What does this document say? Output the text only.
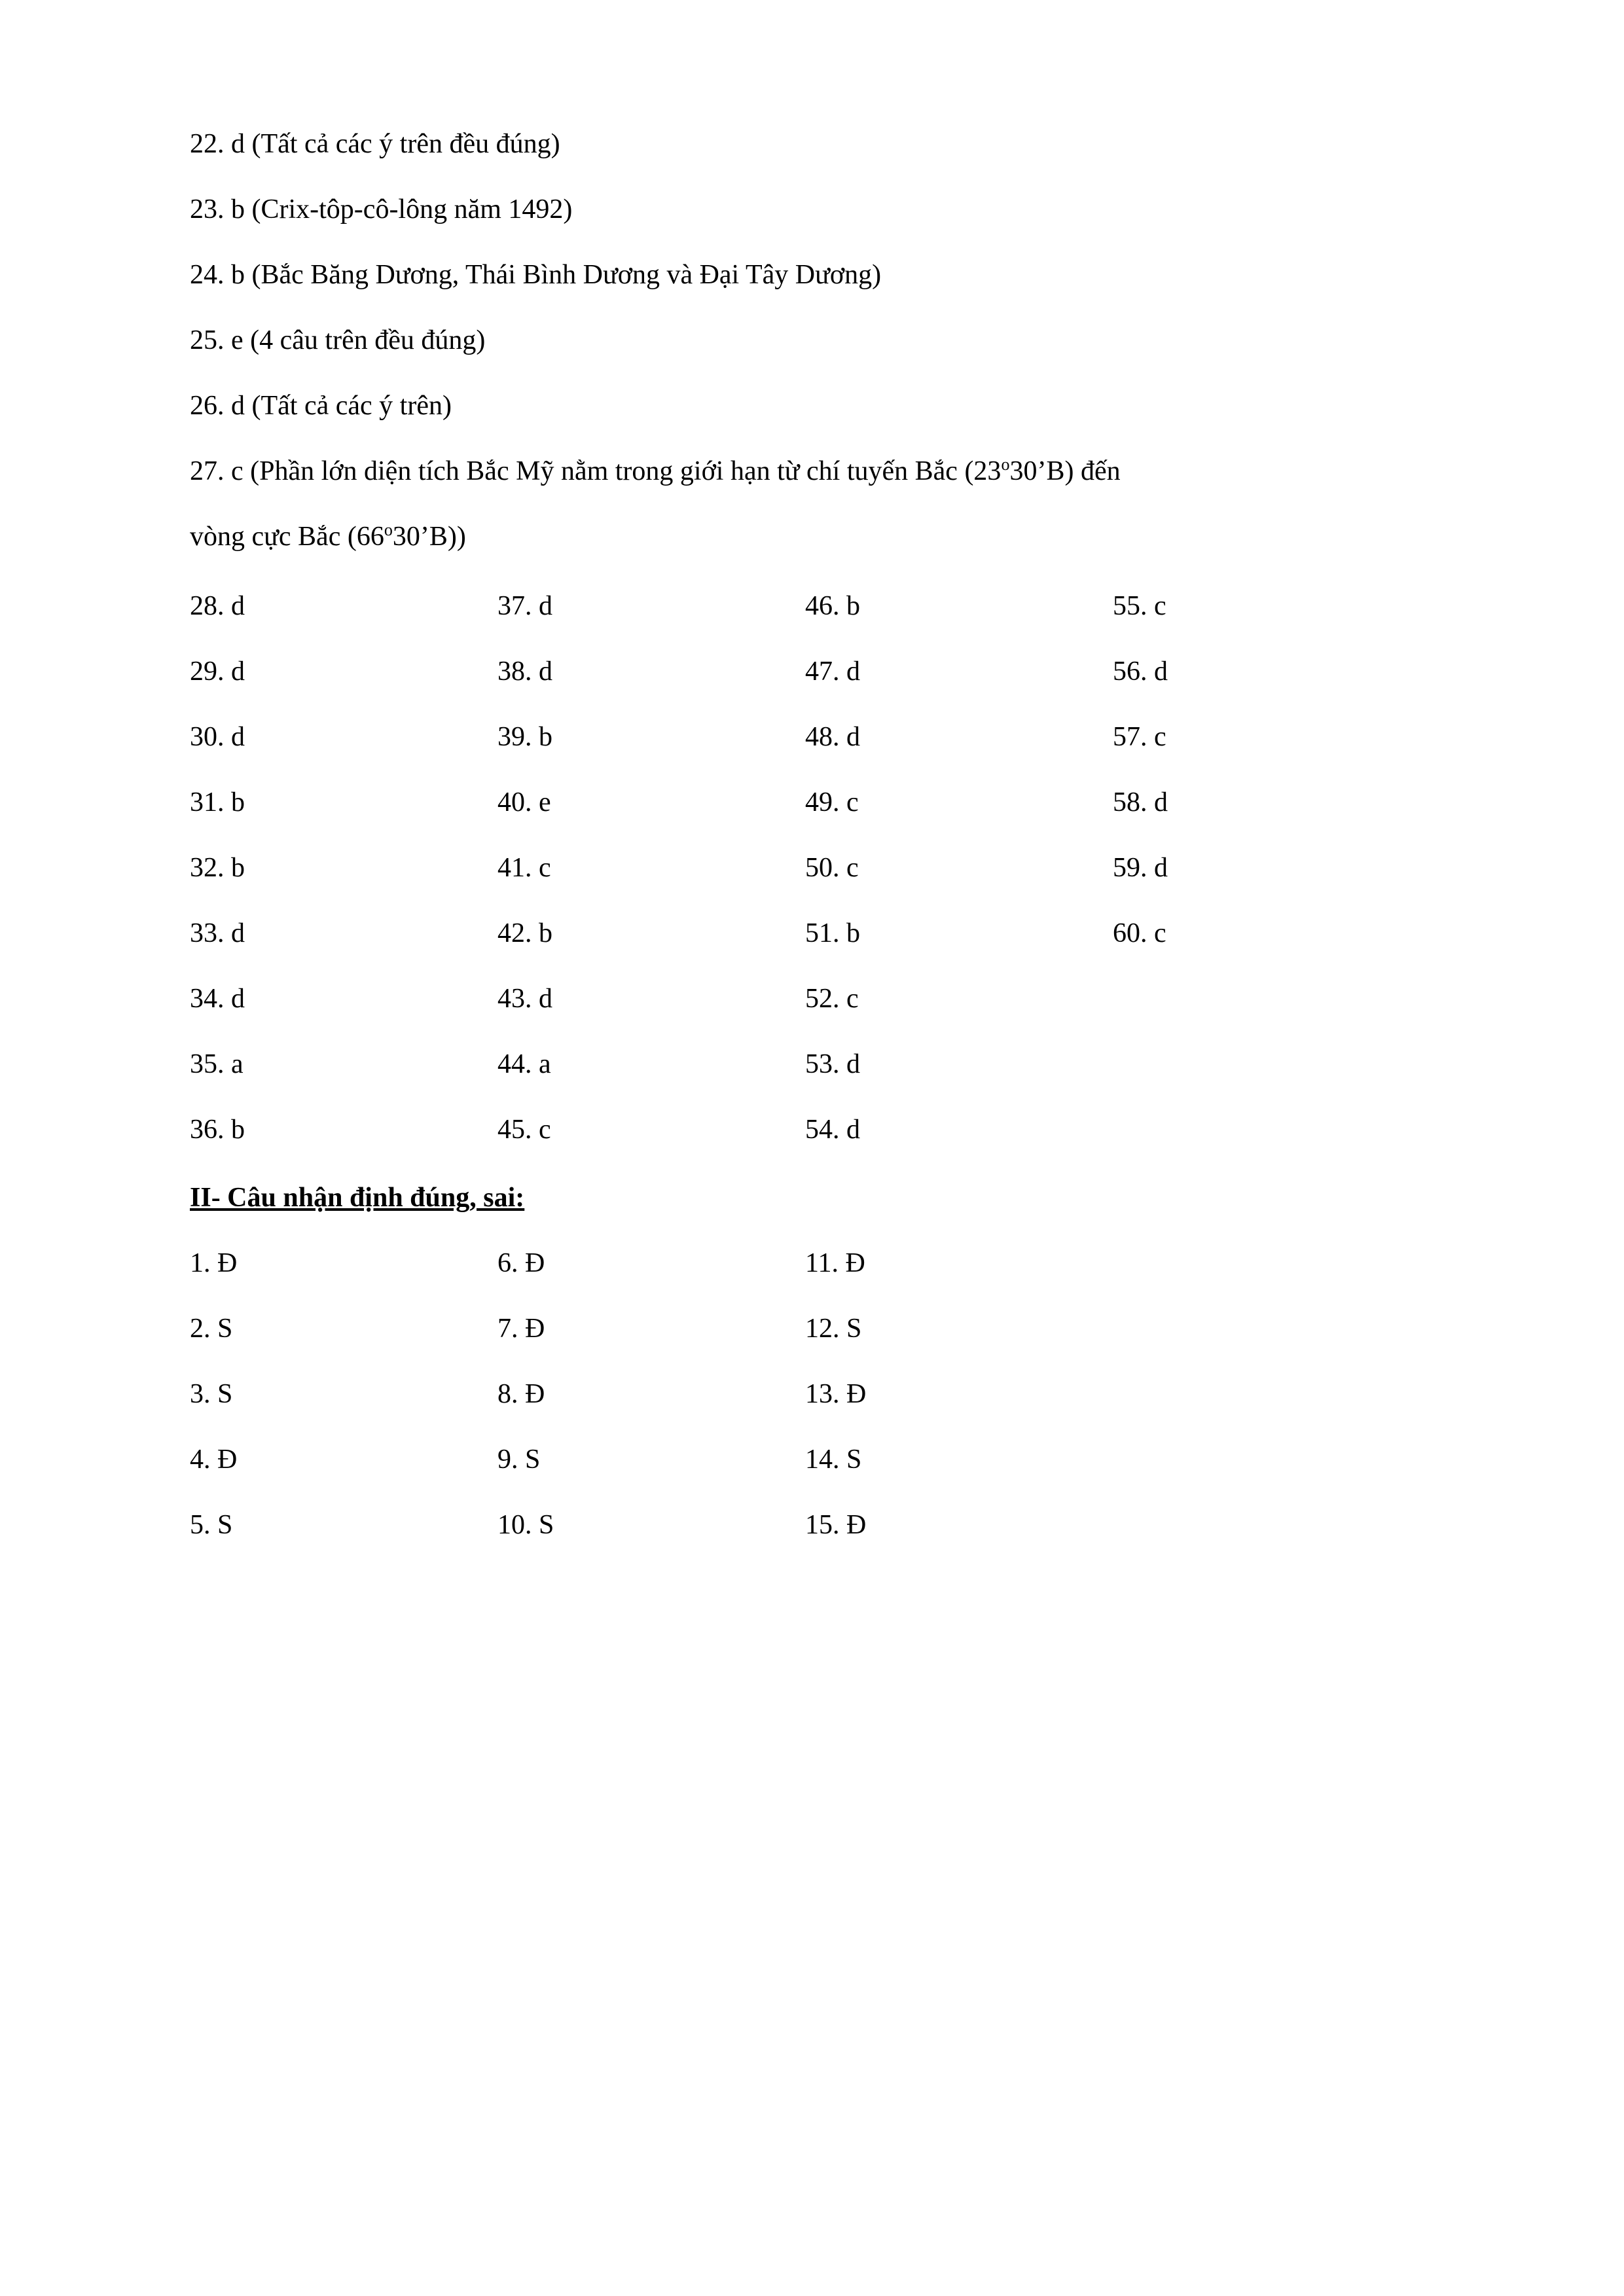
22. d (Tất cả các ý trên đều đúng)
23. b (Crix-tôp-cô-lông năm 1492)
24. b (Bắc Băng Dương, Thái Bình Dương và Đại Tây Dương)
25. e (4 câu trên đều đúng)
26. d (Tất cả các ý trên)
27. c (Phần lớn diện tích Bắc Mỹ nằm trong giới hạn từ chí tuyến Bắc (23$^o$30’B) đến
vòng cực Bắc (66$^o$30’B))
28. d	37. d	46. b	55. c
29. d	38. d	47. d	56. d
30. d	39. b	48. d	57. c
31. b	40. e	49. c	58. d
32. b	41. c	50. c	59. d
33. d	42. b	51. b	60. c
34. d	43. d	52. c
35. a	44. a	53. d
36. b	45. c	54. d
II- Câu nhận định đúng, sai:
1. Đ	6. Đ	11. Đ
2. S	7. Đ	12. S
3. S	8. Đ	13. Đ
4. Đ	9. S	14. S
5. S	10. S	15. Đ
